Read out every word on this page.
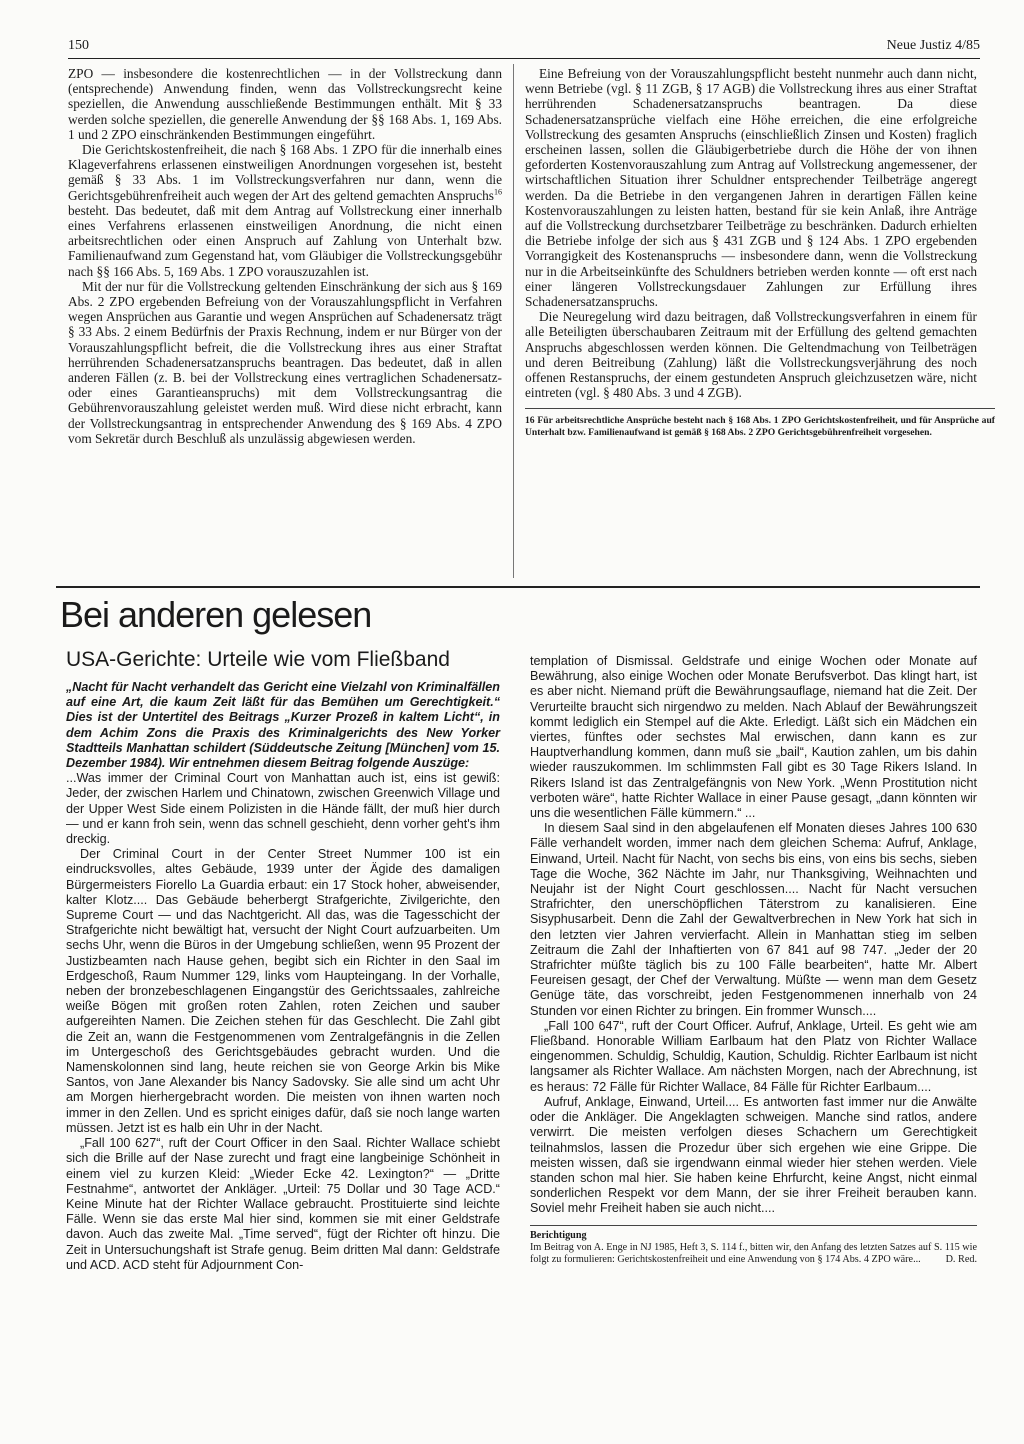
150	Neue Justiz 4/85

ZPO — insbesondere die kostenrechtlichen — in der Vollstreckung dann (entsprechende) Anwendung finden, wenn das Vollstreckungsrecht keine speziellen, die Anwendung ausschließende Bestimmungen enthält. Mit § 33 werden solche speziellen, die generelle Anwendung der §§ 168 Abs. 1, 169 Abs. 1 und 2 ZPO einschränkenden Bestimmungen eingeführt.

Die Gerichtskostenfreiheit, die nach § 168 Abs. 1 ZPO für die innerhalb eines Klageverfahrens erlassenen einstweiligen Anordnungen vorgesehen ist, besteht gemäß § 33 Abs. 1 im Vollstreckungsverfahren nur dann, wenn die Gerichtsgebührenfreiheit auch wegen der Art des geltend gemachten Anspruchs$^{16}$ besteht. Das bedeutet, daß mit dem Antrag auf Vollstreckung einer innerhalb eines Verfahrens erlassenen einstweiligen Anordnung, die nicht einen arbeitsrechtlichen oder einen Anspruch auf Zahlung von Unterhalt bzw. Familienaufwand zum Gegenstand hat, vom Gläubiger die Vollstreckungsgebühr nach §§ 166 Abs. 5, 169 Abs. 1 ZPO vorauszuzahlen ist.

Mit der nur für die Vollstreckung geltenden Einschränkung der sich aus § 169 Abs. 2 ZPO ergebenden Befreiung von der Vorauszahlungspflicht in Verfahren wegen Ansprüchen aus Garantie und wegen Ansprüchen auf Schadenersatz trägt § 33 Abs. 2 einem Bedürfnis der Praxis Rechnung, indem er nur Bürger von der Vorauszahlungspflicht befreit, die die Vollstreckung ihres aus einer Straftat herrührenden Schadenersatzanspruchs beantragen. Das bedeutet, daß in allen anderen Fällen (z. B. bei der Vollstreckung eines vertraglichen Schadenersatz- oder eines Garantieanspruchs) mit dem Vollstreckungsantrag die Gebührenvorauszahlung geleistet werden muß. Wird diese nicht erbracht, kann der Vollstreckungsantrag in entsprechender Anwendung des § 169 Abs. 4 ZPO vom Sekretär durch Beschluß als unzulässig abgewiesen werden.

Eine Befreiung von der Vorauszahlungspflicht besteht nunmehr auch dann nicht, wenn Betriebe (vgl. § 11 ZGB, § 17 AGB) die Vollstreckung ihres aus einer Straftat herrührenden Schadenersatzanspruchs beantragen. Da diese Schadenersatzansprüche vielfach eine Höhe erreichen, die eine erfolgreiche Vollstreckung des gesamten Anspruchs (einschließlich Zinsen und Kosten) fraglich erscheinen lassen, sollen die Gläubigerbetriebe durch die Höhe der von ihnen geforderten Kostenvorauszahlung zum Antrag auf Vollstreckung angemessener, der wirtschaftlichen Situation ihrer Schuldner entsprechender Teilbeträge angeregt werden. Da die Betriebe in den vergangenen Jahren in derartigen Fällen keine Kostenvorauszahlungen zu leisten hatten, bestand für sie kein Anlaß, ihre Anträge auf die Vollstreckung durchsetzbarer Teilbeträge zu beschränken. Dadurch erhielten die Betriebe infolge der sich aus § 431 ZGB und § 124 Abs. 1 ZPO ergebenden Vorrangigkeit des Kostenanspruchs — insbesondere dann, wenn die Vollstreckung nur in die Arbeitseinkünfte des Schuldners betrieben werden konnte — oft erst nach einer längeren Vollstreckungsdauer Zahlungen zur Erfüllung ihres Schadenersatzanspruchs.

Die Neuregelung wird dazu beitragen, daß Vollstreckungsverfahren in einem für alle Beteiligten überschaubaren Zeitraum mit der Erfüllung des geltend gemachten Anspruchs abgeschlossen werden können. Die Geltendmachung von Teilbeträgen und deren Beitreibung (Zahlung) läßt die Vollstreckungsverjährung des noch offenen Restanspruchs, der einem gestundeten Anspruch gleichzusetzen wäre, nicht eintreten (vgl. § 480 Abs. 3 und 4 ZGB).

16 Für arbeitsrechtliche Ansprüche besteht nach § 168 Abs. 1 ZPO Gerichtskostenfreiheit, und für Ansprüche auf Unterhalt bzw. Familienaufwand ist gemäß § 168 Abs. 2 ZPO Gerichtsgebührenfreiheit vorgesehen.
Bei anderen gelesen
USA-Gerichte: Urteile wie vom Fließband

„Nacht für Nacht verhandelt das Gericht eine Vielzahl von Kriminalfällen auf eine Art, die kaum Zeit läßt für das Bemühen um Gerechtigkeit.“ Dies ist der Untertitel des Beitrags „Kurzer Prozeß in kaltem Licht“, in dem Achim Zons die Praxis des Kriminalgerichts des New Yorker Stadtteils Manhattan schildert (Süddeutsche Zeitung [München] vom 15. Dezember 1984). Wir entnehmen diesem Beitrag folgende Auszüge:

...Was immer der Criminal Court von Manhattan auch ist, eins ist gewiß: Jeder, der zwischen Harlem und Chinatown, zwischen Greenwich Village und der Upper West Side einem Polizisten in die Hände fällt, der muß hier durch — und er kann froh sein, wenn das schnell geschieht, denn vorher geht's ihm dreckig.

Der Criminal Court in der Center Street Nummer 100 ist ein eindrucksvolles, altes Gebäude, 1939 unter der Ägide des damaligen Bürgermeisters Fiorello La Guardia erbaut: ein 17 Stock hoher, abweisender, kalter Klotz.... Das Gebäude beherbergt Strafgerichte, Zivilgerichte, den Supreme Court — und das Nachtgericht. All das, was die Tagesschicht der Strafgerichte nicht bewältigt hat, versucht der Night Court aufzuarbeiten. Um sechs Uhr, wenn die Büros in der Umgebung schließen, wenn 95 Prozent der Justizbeamten nach Hause gehen, begibt sich ein Richter in den Saal im Erdgeschoß, Raum Nummer 129, links vom Haupteingang. In der Vorhalle, neben der bronzebeschlagenen Eingangstür des Gerichtssaales, zahlreiche weiße Bögen mit großen roten Zahlen, roten Zeichen und sauber aufgereihten Namen. Die Zeichen stehen für das Geschlecht. Die Zahl gibt die Zeit an, wann die Festgenommenen vom Zentralgefängnis in die Zellen im Untergeschoß des Gerichtsgebäudes gebracht wurden. Und die Namenskolonnen sind lang, heute reichen sie von George Arkin bis Mike Santos, von Jane Alexander bis Nancy Sadovsky. Sie alle sind um acht Uhr am Morgen hierhergebracht worden. Die meisten von ihnen warten noch immer in den Zellen. Und es spricht einiges dafür, daß sie noch lange warten müssen. Jetzt ist es halb ein Uhr in der Nacht.

„Fall 100 627“, ruft der Court Officer in den Saal. Richter Wallace schiebt sich die Brille auf der Nase zurecht und fragt eine langbeinige Schönheit in einem viel zu kurzen Kleid: „Wieder Ecke 42. Lexington?“ — „Dritte Festnahme“, antwortet der Ankläger. „Urteil: 75 Dollar und 30 Tage ACD.“ Keine Minute hat der Richter Wallace gebraucht. Prostituierte sind leichte Fälle. Wenn sie das erste Mal hier sind, kommen sie mit einer Geldstrafe davon. Auch das zweite Mal. „Time served“, fügt der Richter oft hinzu. Die Zeit in Untersuchungshaft ist Strafe genug. Beim dritten Mal dann: Geldstrafe und ACD. ACD steht für Adjournment Con-

templation of Dismissal. Geldstrafe und einige Wochen oder Monate auf Bewährung, also einige Wochen oder Monate Berufsverbot. Das klingt hart, ist es aber nicht. Niemand prüft die Bewährungsauflage, niemand hat die Zeit. Der Verurteilte braucht sich nirgendwo zu melden. Nach Ablauf der Bewährungszeit kommt lediglich ein Stempel auf die Akte. Erledigt. Läßt sich ein Mädchen ein viertes, fünftes oder sechstes Mal erwischen, dann kann es zur Hauptverhandlung kommen, dann muß sie „bail“, Kaution zahlen, um bis dahin wieder rauszukommen. Im schlimmsten Fall gibt es 30 Tage Rikers Island. In Rikers Island ist das Zentralgefängnis von New York. „Wenn Prostitution nicht verboten wäre“, hatte Richter Wallace in einer Pause gesagt, „dann könnten wir uns die wesentlichen Fälle kümmern.“ ...

In diesem Saal sind in den abgelaufenen elf Monaten dieses Jahres 100 630 Fälle verhandelt worden, immer nach dem gleichen Schema: Aufruf, Anklage, Einwand, Urteil. Nacht für Nacht, von sechs bis eins, von eins bis sechs, sieben Tage die Woche, 362 Nächte im Jahr, nur Thanksgiving, Weihnachten und Neujahr ist der Night Court geschlossen.... Nacht für Nacht versuchen Strafrichter, den unerschöpflichen Täterstrom zu kanalisieren. Eine Sisyphusarbeit. Denn die Zahl der Gewaltverbrechen in New York hat sich in den letzten vier Jahren vervierfacht. Allein in Manhattan stieg im selben Zeitraum die Zahl der Inhaftierten von 67 841 auf 98 747. „Jeder der 20 Strafrichter müßte täglich bis zu 100 Fälle bearbeiten“, hatte Mr. Albert Feureisen gesagt, der Chef der Verwaltung. Müßte — wenn man dem Gesetz Genüge täte, das vorschreibt, jeden Festgenommenen innerhalb von 24 Stunden vor einen Richter zu bringen. Ein frommer Wunsch....

„Fall 100 647“, ruft der Court Officer. Aufruf, Anklage, Urteil. Es geht wie am Fließband. Honorable William Earlbaum hat den Platz von Richter Wallace eingenommen. Schuldig, Schuldig, Kaution, Schuldig. Richter Earlbaum ist nicht langsamer als Richter Wallace. Am nächsten Morgen, nach der Abrechnung, ist es heraus: 72 Fälle für Richter Wallace, 84 Fälle für Richter Earlbaum....

Aufruf, Anklage, Einwand, Urteil.... Es antworten fast immer nur die Anwälte oder die Ankläger. Die Angeklagten schweigen. Manche sind ratlos, andere verwirrt. Die meisten verfolgen dieses Schachern um Gerechtigkeit teilnahmslos, lassen die Prozedur über sich ergehen wie eine Grippe. Die meisten wissen, daß sie irgendwann einmal wieder hier stehen werden. Viele standen schon mal hier. Sie haben keine Ehrfurcht, keine Angst, nicht einmal sonderlichen Respekt vor dem Mann, der sie ihrer Freiheit berauben kann. Soviel mehr Freiheit haben sie auch nicht....

Berichtigung
Im Beitrag von A. Enge in NJ 1985, Heft 3, S. 114 f., bitten wir, den Anfang des letzten Satzes auf S. 115 wie folgt zu formulieren: Gerichtskostenfreiheit und eine Anwendung von § 174 Abs. 4 ZPO wäre... D. Red.
